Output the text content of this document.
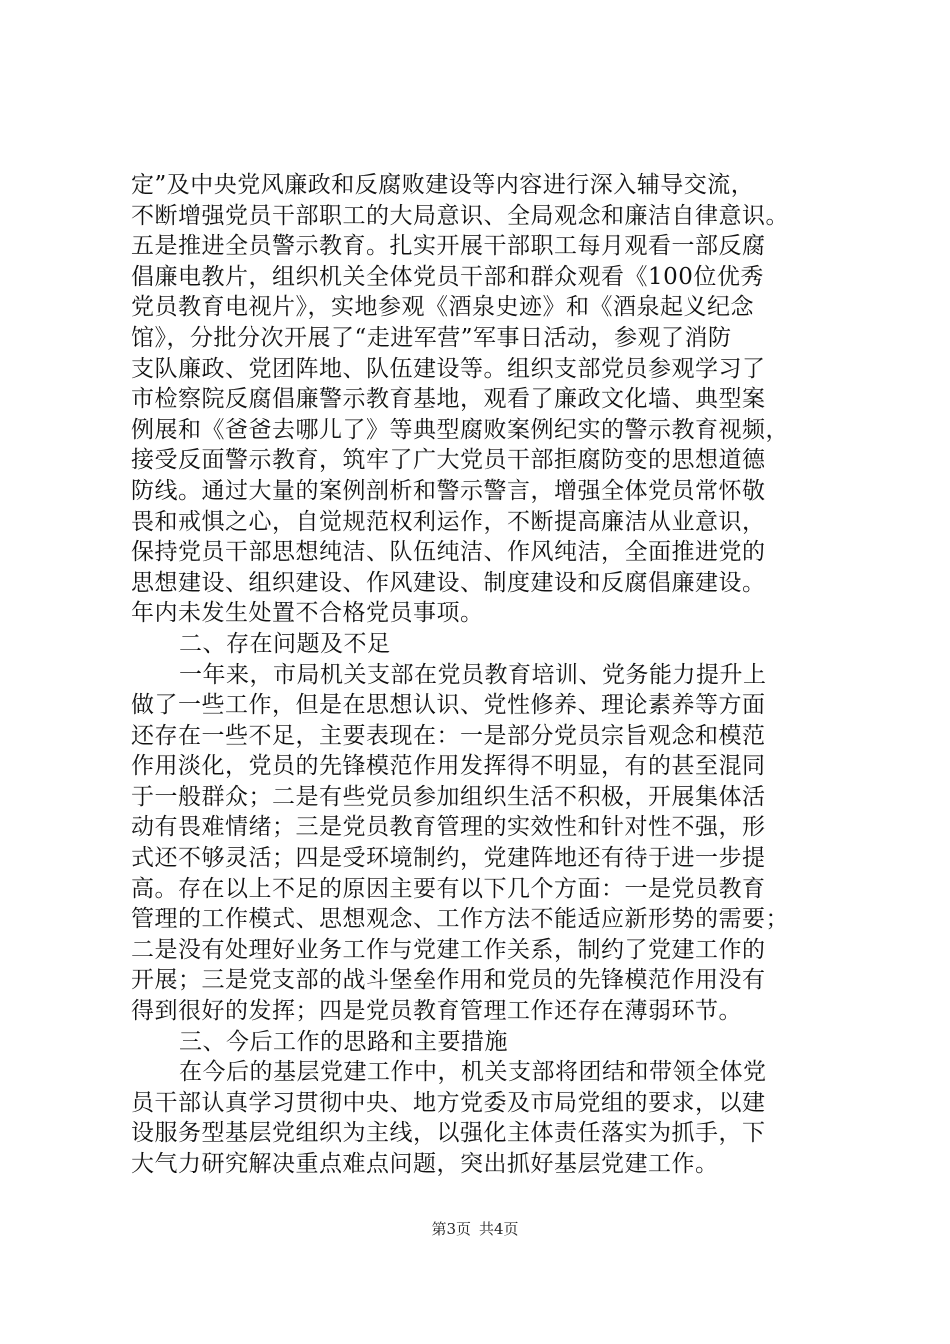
定”及中央党风廉政和反腐败建设等内容进行深入辅导交流，
不断增强党员干部职工的大局意识、全局观念和廉洁自律意识。
五是推进全员警示教育。扎实开展干部职工每月观看一部反腐
倡廉电教片，组织机关全体党员干部和群众观看《100位优秀
党员教育电视片》，实地参观《酒泉史迹》和《酒泉起义纪念
馆》，分批分次开展了“走进军营”军事日活动，参观了消防
支队廉政、党团阵地、队伍建设等。组织支部党员参观学习了
市检察院反腐倡廉警示教育基地，观看了廉政文化墙、典型案
例展和《爸爸去哪儿了》等典型腐败案例纪实的警示教育视频，
接受反面警示教育，筑牢了广大党员干部拒腐防变的思想道德
防线。通过大量的案例剖析和警示警言，增强全体党员常怀敬
畏和戒惧之心，自觉规范权利运作，不断提高廉洁从业意识，
保持党员干部思想纯洁、队伍纯洁、作风纯洁，全面推进党的
思想建设、组织建设、作风建设、制度建设和反腐倡廉建设。
年内未发生处置不合格党员事项。
二、存在问题及不足
一年来，市局机关支部在党员教育培训、党务能力提升上
做了一些工作，但是在思想认识、党性修养、理论素养等方面
还存在一些不足，主要表现在：一是部分党员宗旨观念和模范
作用淡化，党员的先锋模范作用发挥得不明显，有的甚至混同
于一般群众；二是有些党员参加组织生活不积极，开展集体活
动有畏难情绪；三是党员教育管理的实效性和针对性不强，形
式还不够灵活；四是受环境制约，党建阵地还有待于进一步提
高。存在以上不足的原因主要有以下几个方面：一是党员教育
管理的工作模式、思想观念、工作方法不能适应新形势的需要；
二是没有处理好业务工作与党建工作关系，制约了党建工作的
开展；三是党支部的战斗堡垒作用和党员的先锋模范作用没有
得到很好的发挥；四是党员教育管理工作还存在薄弱环节。
三、今后工作的思路和主要措施
在今后的基层党建工作中，机关支部将团结和带领全体党
员干部认真学习贯彻中央、地方党委及市局党组的要求，以建
设服务型基层党组织为主线，以强化主体责任落实为抓手，下
大气力研究解决重点难点问题，突出抓好基层党建工作。
第3页 共4页
